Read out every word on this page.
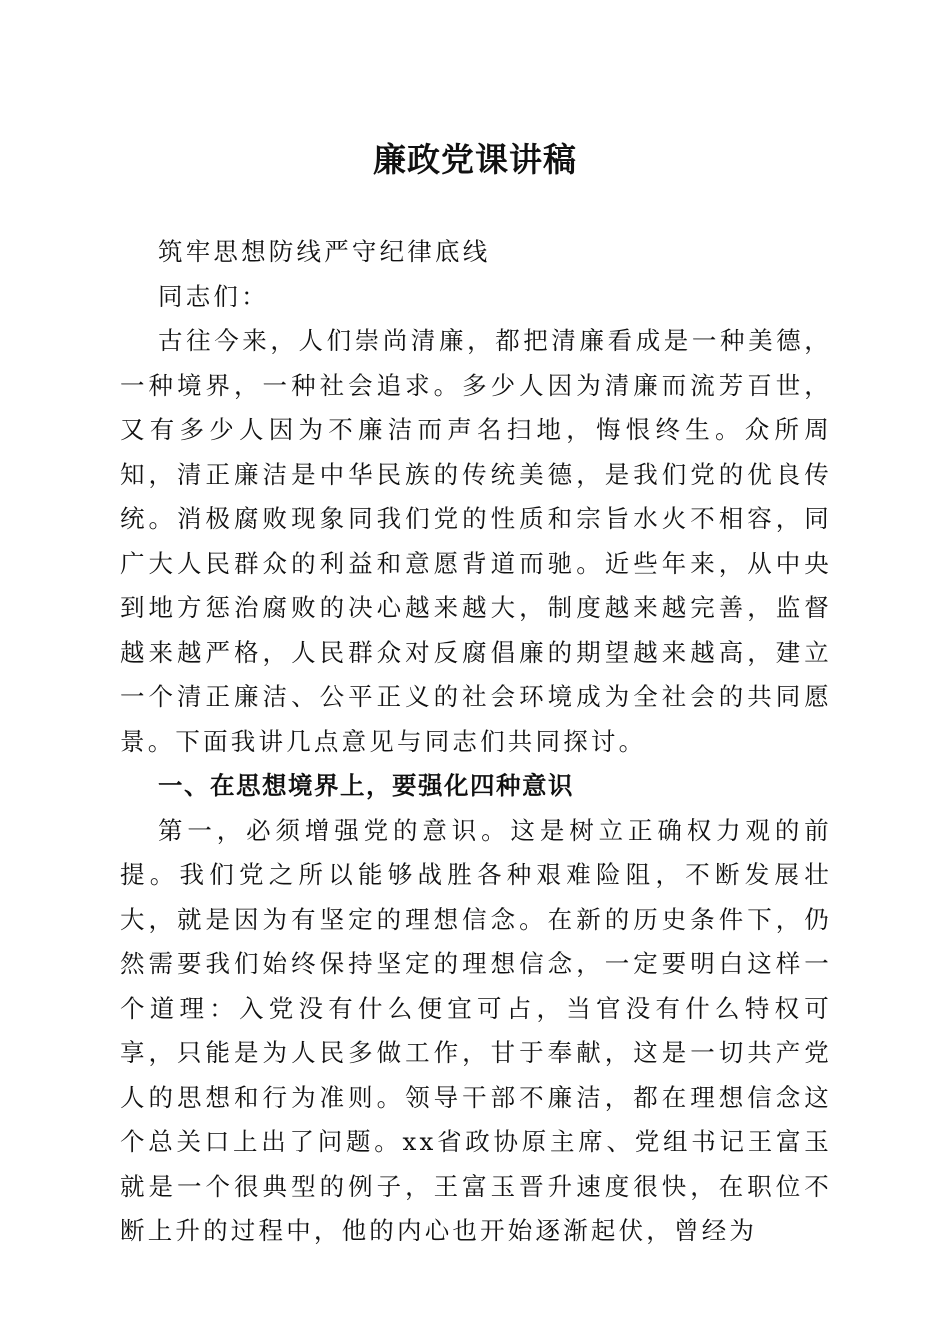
廉政党课讲稿

筑牢思想防线严守纪律底线

同志们：

古往今来，人们崇尚清廉，都把清廉看成是一种美德，一种境界，一种社会追求。多少人因为清廉而流芳百世，又有多少人因为不廉洁而声名扫地，悔恨终生。众所周知，清正廉洁是中华民族的传统美德，是我们党的优良传统。消极腐败现象同我们党的性质和宗旨水火不相容，同广大人民群众的利益和意愿背道而驰。近些年来，从中央到地方惩治腐败的决心越来越大，制度越来越完善，监督越来越严格，人民群众对反腐倡廉的期望越来越高，建立一个清正廉洁、公平正义的社会环境成为全社会的共同愿景。下面我讲几点意见与同志们共同探讨。

一、在思想境界上，要强化四种意识

第一，必须增强党的意识。这是树立正确权力观的前提。我们党之所以能够战胜各种艰难险阻，不断发展壮大，就是因为有坚定的理想信念。在新的历史条件下，仍然需要我们始终保持坚定的理想信念，一定要明白这样一个道理：入党没有什么便宜可占，当官没有什么特权可享，只能是为人民多做工作，甘于奉献，这是一切共产党人的思想和行为准则。领导干部不廉洁，都在理想信念这个总关口上出了问题。xx省政协原主席、党组书记王富玉就是一个很典型的例子，王富玉晋升速度很快，在职位不断上升的过程中，他的内心也开始逐渐起伏，曾经为
